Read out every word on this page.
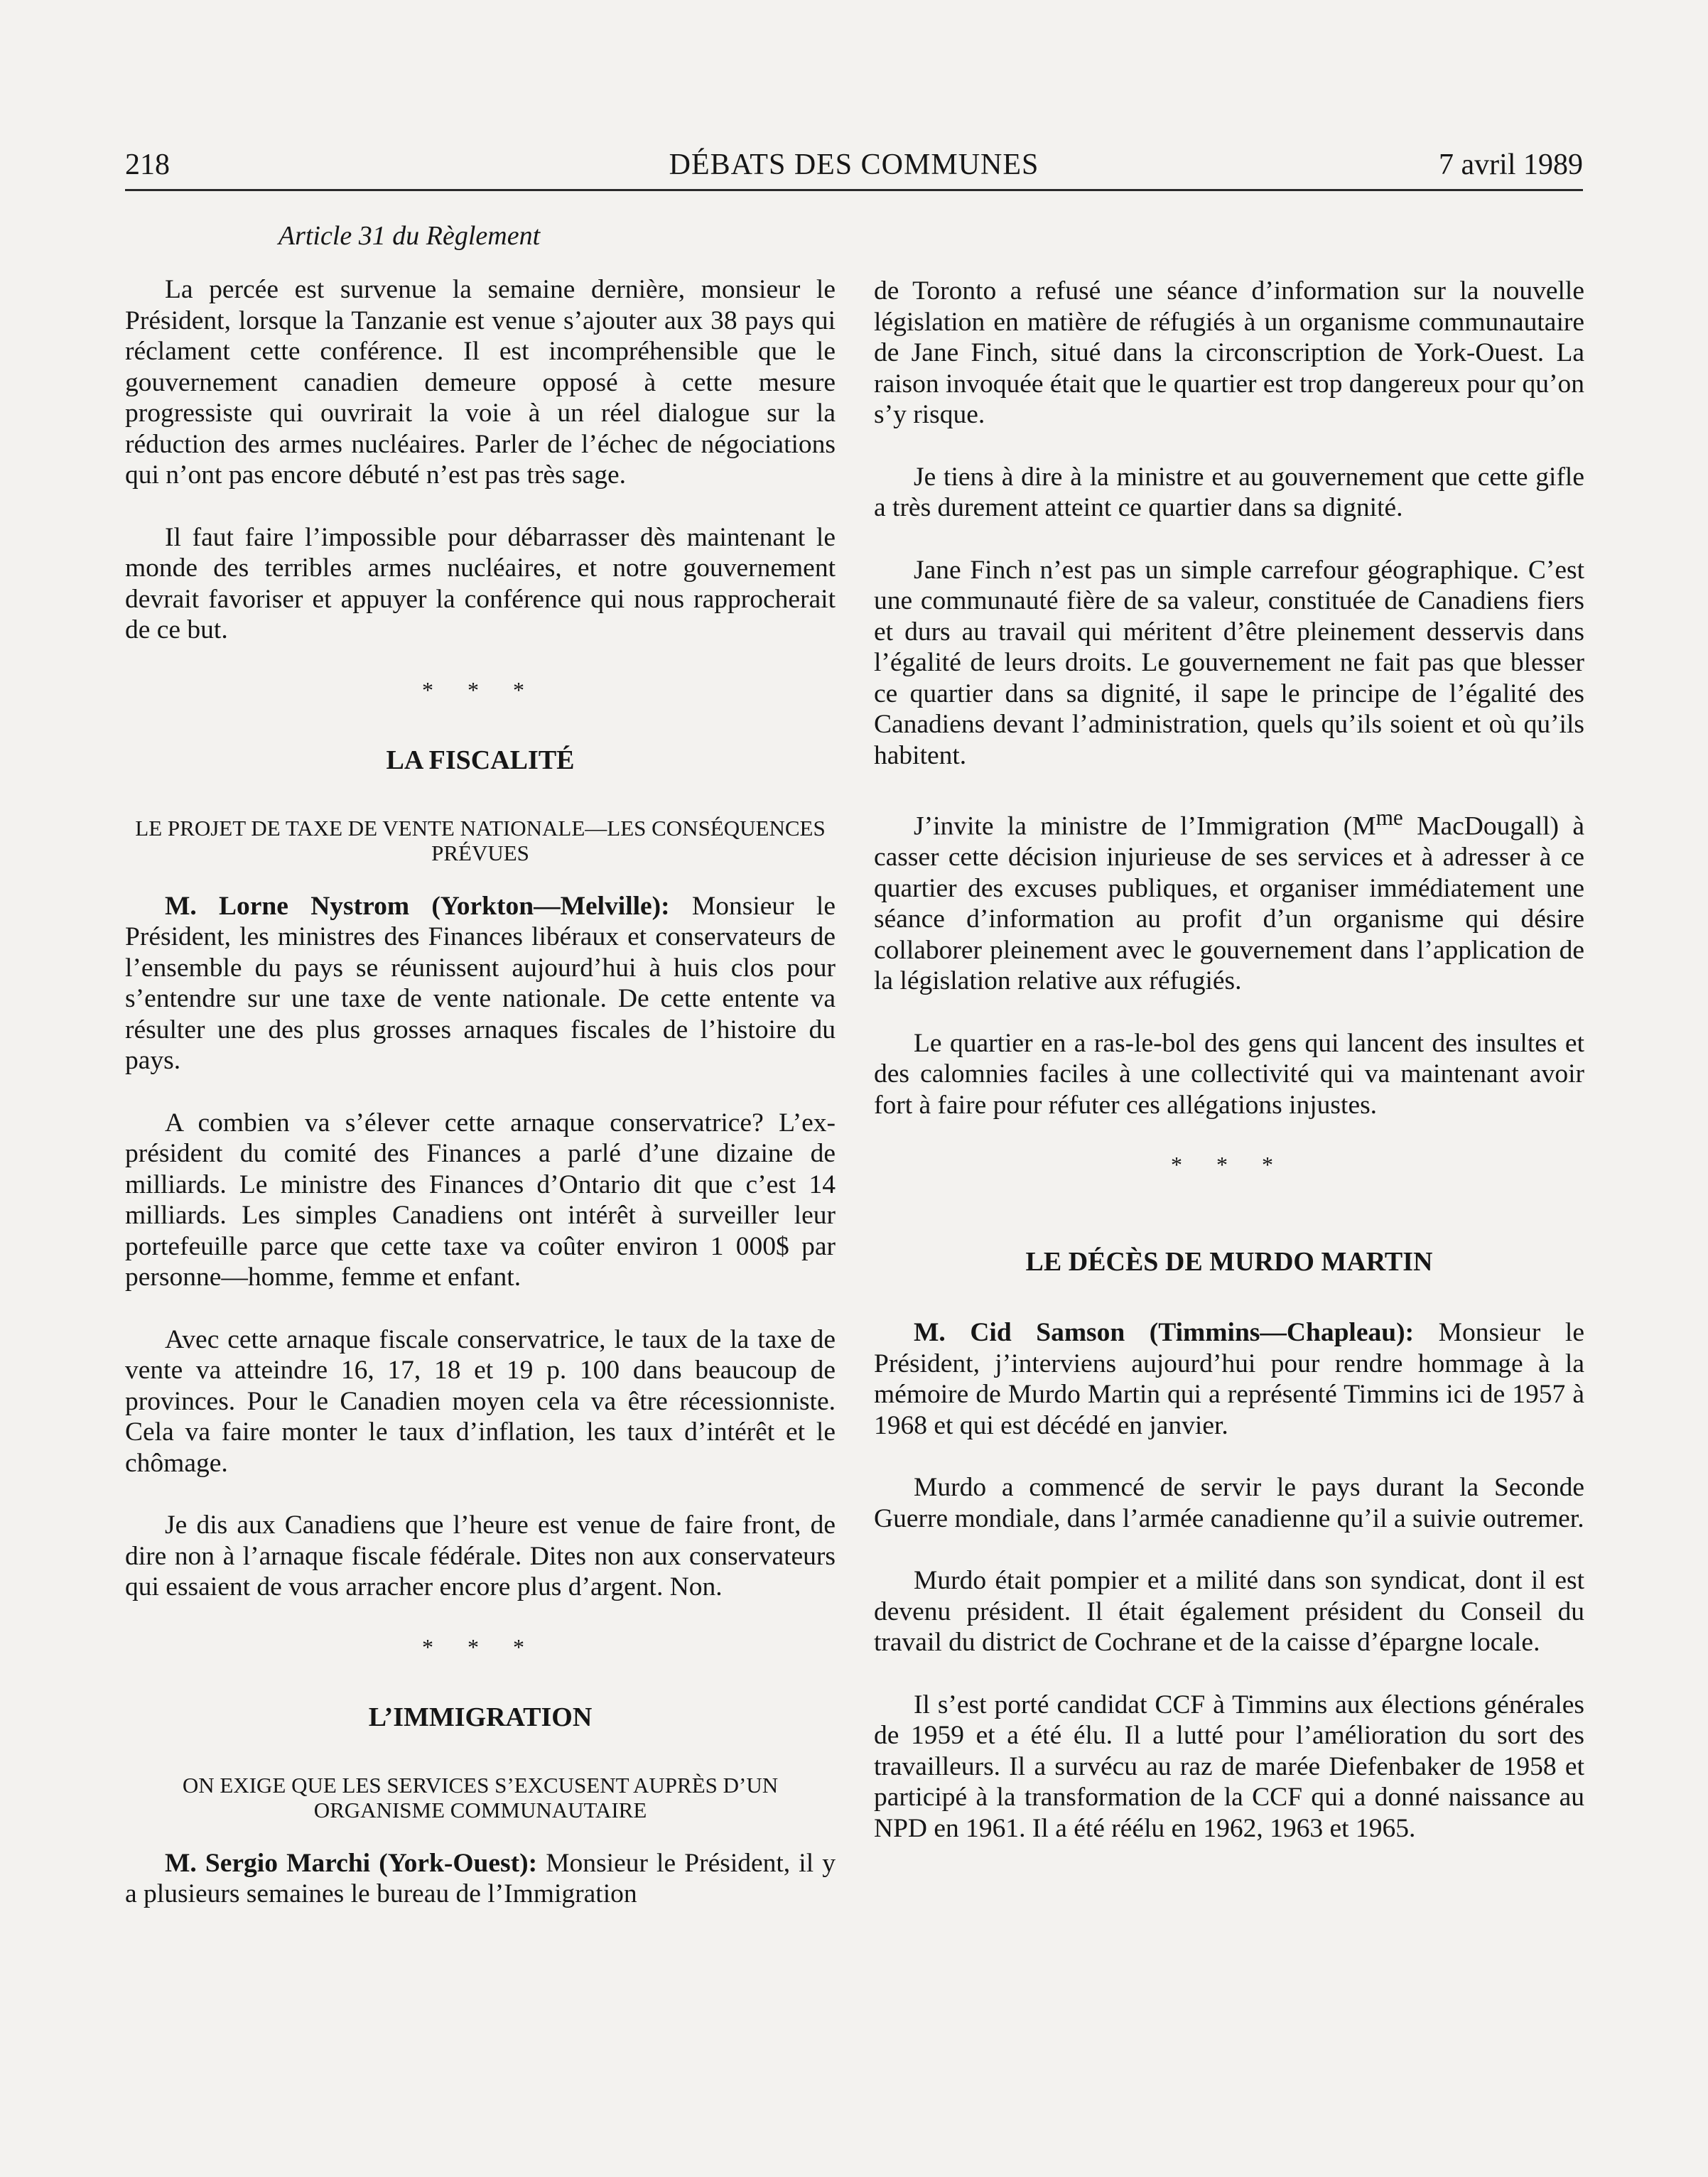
218	DÉBATS DES COMMUNES	7 avril 1989
Article 31 du Règlement

La percée est survenue la semaine dernière, monsieur le Président, lorsque la Tanzanie est venue s’ajouter aux 38 pays qui réclament cette conférence. Il est incompréhensible que le gouvernement canadien demeure opposé à cette mesure progressiste qui ouvrirait la voie à un réel dialogue sur la réduction des armes nucléaires. Parler de l’échec de négociations qui n’ont pas encore débuté n’est pas très sage.

Il faut faire l’impossible pour débarrasser dès maintenant le monde des terribles armes nucléaires, et notre gouvernement devrait favoriser et appuyer la conférence qui nous rapprocherait de ce but.

* * *
LA FISCALITÉ
LE PROJET DE TAXE DE VENTE NATIONALE—LES CONSÉQUENCES PRÉVUES

M. Lorne Nystrom (Yorkton—Melville): Monsieur le Président, les ministres des Finances libéraux et conservateurs de l’ensemble du pays se réunissent aujourd’hui à huis clos pour s’entendre sur une taxe de vente nationale. De cette entente va résulter une des plus grosses arnaques fiscales de l’histoire du pays.

A combien va s’élever cette arnaque conservatrice? L’ex-président du comité des Finances a parlé d’une dizaine de milliards. Le ministre des Finances d’Ontario dit que c’est 14 milliards. Les simples Canadiens ont intérêt à surveiller leur portefeuille parce que cette taxe va coûter environ 1 000$ par personne—homme, femme et enfant.

Avec cette arnaque fiscale conservatrice, le taux de la taxe de vente va atteindre 16, 17, 18 et 19 p. 100 dans beaucoup de provinces. Pour le Canadien moyen cela va être récessionniste. Cela va faire monter le taux d’inflation, les taux d’intérêt et le chômage.

Je dis aux Canadiens que l’heure est venue de faire front, de dire non à l’arnaque fiscale fédérale. Dites non aux conservateurs qui essaient de vous arracher encore plus d’argent. Non.

* * *
L’IMMIGRATION
ON EXIGE QUE LES SERVICES S’EXCUSENT AUPRÈS D’UN ORGANISME COMMUNAUTAIRE

M. Sergio Marchi (York-Ouest): Monsieur le Président, il y a plusieurs semaines le bureau de l’Immigration

de Toronto a refusé une séance d’information sur la nouvelle législation en matière de réfugiés à un organisme communautaire de Jane Finch, situé dans la circonscription de York-Ouest. La raison invoquée était que le quartier est trop dangereux pour qu’on s’y risque.

Je tiens à dire à la ministre et au gouvernement que cette gifle a très durement atteint ce quartier dans sa dignité.

Jane Finch n’est pas un simple carrefour géographique. C’est une communauté fière de sa valeur, constituée de Canadiens fiers et durs au travail qui méritent d’être pleinement desservis dans l’égalité de leurs droits. Le gouvernement ne fait pas que blesser ce quartier dans sa dignité, il sape le principe de l’égalité des Canadiens devant l’administration, quels qu’ils soient et où qu’ils habitent.

J’invite la ministre de l’Immigration ($M^{me}$ MacDougall) à casser cette décision injurieuse de ses services et à adresser à ce quartier des excuses publiques, et organiser immédiatement une séance d’information au profit d’un organisme qui désire collaborer pleinement avec le gouvernement dans l’application de la législation relative aux réfugiés.

Le quartier en a ras-le-bol des gens qui lancent des insultes et des calomnies faciles à une collectivité qui va maintenant avoir fort à faire pour réfuter ces allégations injustes.

* * *
LE DÉCÈS DE MURDO MARTIN

M. Cid Samson (Timmins—Chapleau): Monsieur le Président, j’interviens aujourd’hui pour rendre hommage à la mémoire de Murdo Martin qui a représenté Timmins ici de 1957 à 1968 et qui est décédé en janvier.

Murdo a commencé de servir le pays durant la Seconde Guerre mondiale, dans l’armée canadienne qu’il a suivie outremer.

Murdo était pompier et a milité dans son syndicat, dont il est devenu président. Il était également président du Conseil du travail du district de Cochrane et de la caisse d’épargne locale.

Il s’est porté candidat CCF à Timmins aux élections générales de 1959 et a été élu. Il a lutté pour l’amélioration du sort des travailleurs. Il a survécu au raz de marée Diefenbaker de 1958 et participé à la transformation de la CCF qui a donné naissance au NPD en 1961. Il a été réélu en 1962, 1963 et 1965.
